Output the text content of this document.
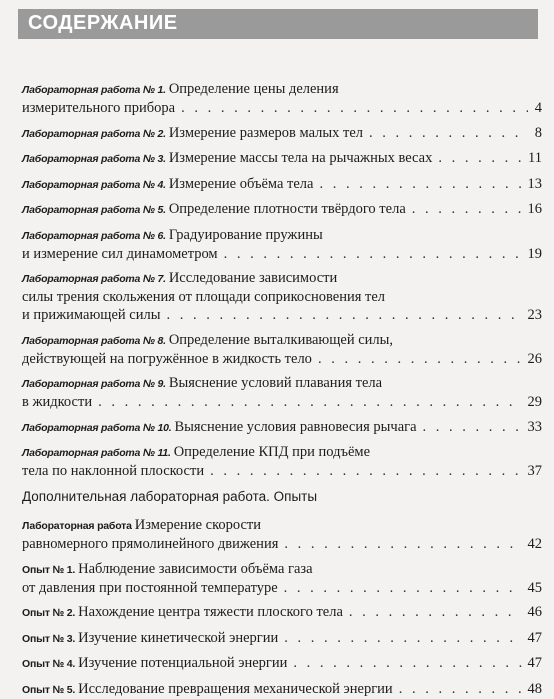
СОДЕРЖАНИЕ
Лабораторная работа № 1. Определение цены деления
измерительного прибора . . .	4
Лабораторная работа № 2. Измерение размеров малых тел . . .	8
Лабораторная работа № 3. Измерение массы тела на рычажных весах . . .	11
Лабораторная работа № 4. Измерение объёма тела . . .	13
Лабораторная работа № 5. Определение плотности твёрдого тела . . .	16
Лабораторная работа № 6. Градуирование пружины
и измерение сил динамометром . . .	19
Лабораторная работа № 7. Исследование зависимости
силы трения скольжения от площади соприкосновения тел
и прижимающей силы . . .	23
Лабораторная работа № 8. Определение выталкивающей силы,
действующей на погружённое в жидкость тело . . .	26
Лабораторная работа № 9. Выяснение условий плавания тела
в жидкости . . .	29
Лабораторная работа № 10. Выяснение условия равновесия рычага . . .	33
Лабораторная работа № 11. Определение КПД при подъёме
тела по наклонной плоскости . . .	37
Дополнительная лабораторная работа. Опыты
Лабораторная работа Измерение скорости
равномерного прямолинейного движения . . .	42
Опыт № 1. Наблюдение зависимости объёма газа
от давления при постоянной температуре . . .	45
Опыт № 2. Нахождение центра тяжести плоского тела . . .	46
Опыт № 3. Изучение кинетической энергии . . .	47
Опыт № 4. Изучение потенциальной энергии . . .	47
Опыт № 5. Исследование превращения механической энергии . . .	48
